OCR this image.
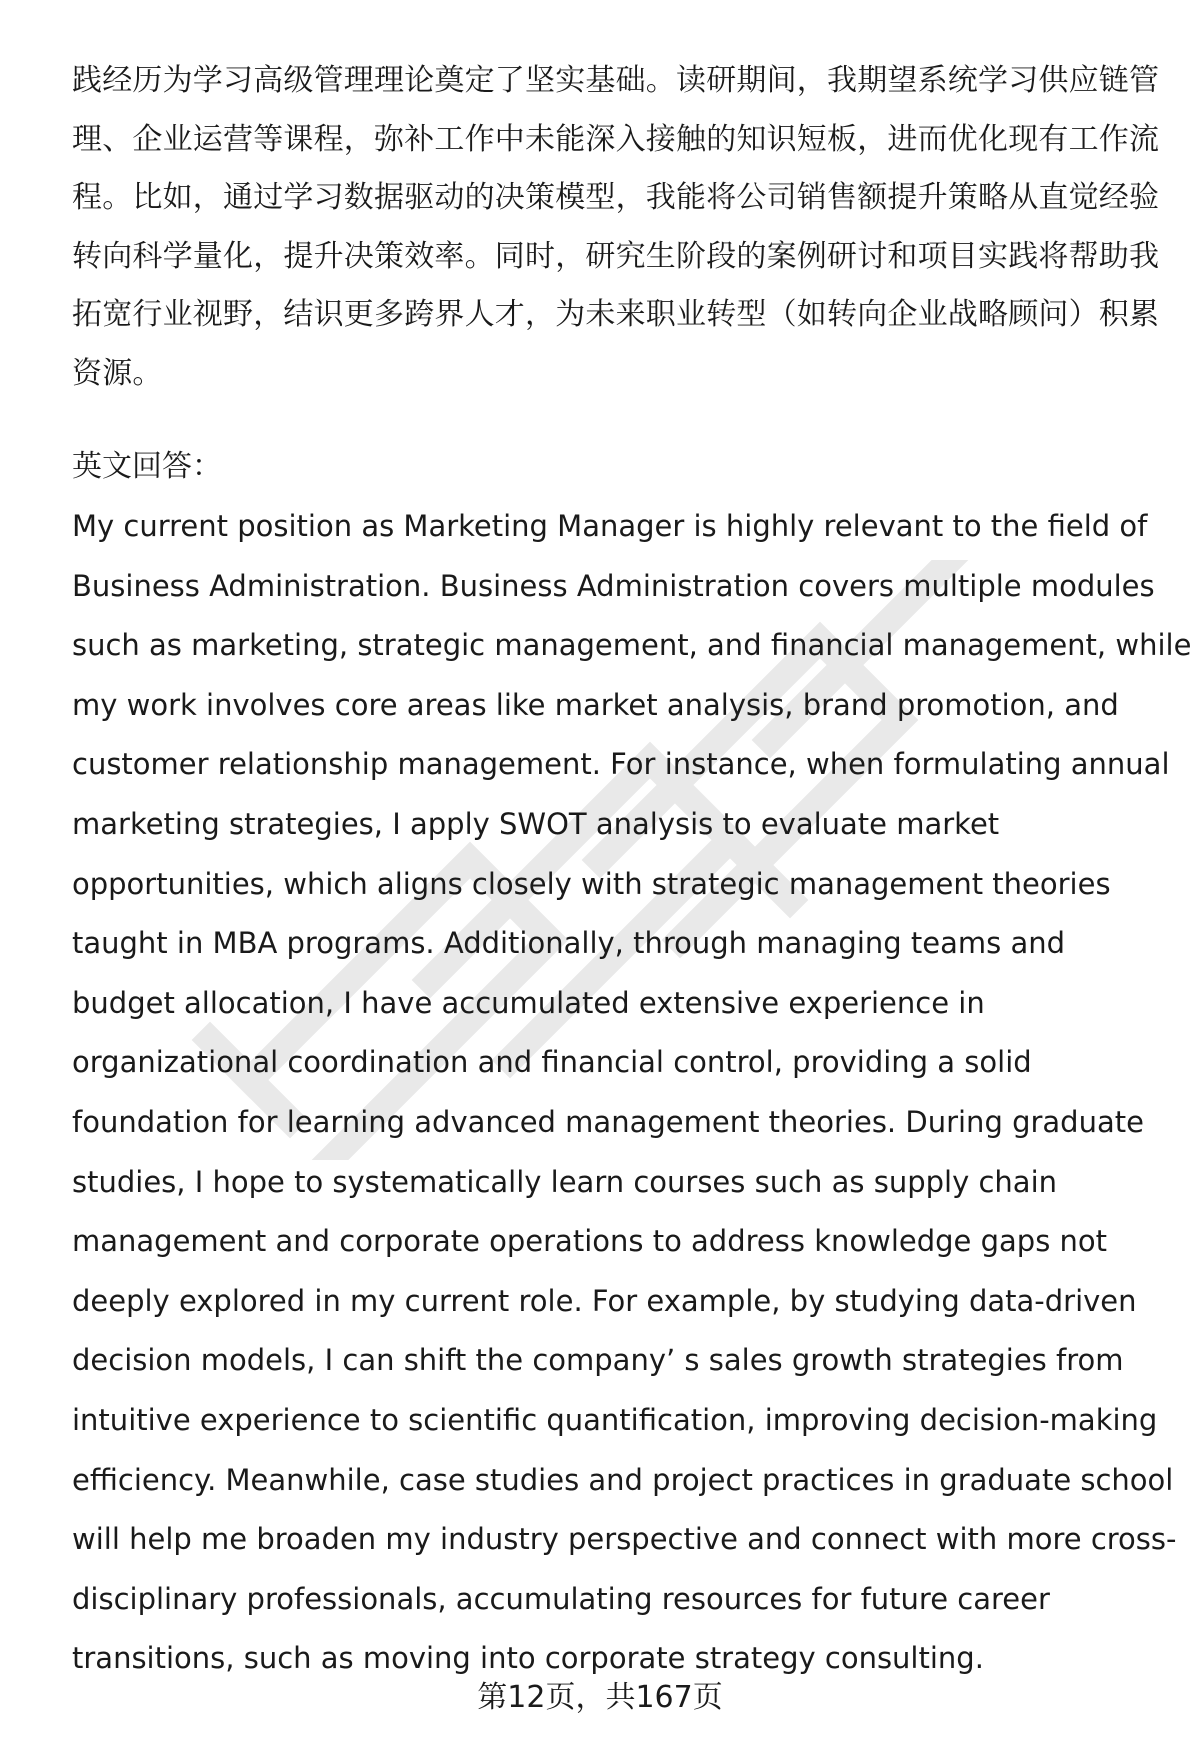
践经历为学习高级管理理论奠定了坚实基础。读研期间，我期望系统学习供应链管
理、企业运营等课程，弥补工作中未能深入接触的知识短板，进而优化现有工作流
程。比如，通过学习数据驱动的决策模型，我能将公司销售额提升策略从直觉经验
转向科学量化，提升决策效率。同时，研究生阶段的案例研讨和项目实践将帮助我
拓宽行业视野，结识更多跨界人才，为未来职业转型（如转向企业战略顾问）积累
资源。
英文回答：
My current position as Marketing Manager is highly relevant to the field of
Business Administration. Business Administration covers multiple modules
such as marketing, strategic management, and financial management, while
my work involves core areas like market analysis, brand promotion, and
customer relationship management. For instance, when formulating annual
marketing strategies, I apply SWOT analysis to evaluate market
opportunities, which aligns closely with strategic management theories
taught in MBA programs. Additionally, through managing teams and
budget allocation, I have accumulated extensive experience in
organizational coordination and financial control, providing a solid
foundation for learning advanced management theories. During graduate
studies, I hope to systematically learn courses such as supply chain
management and corporate operations to address knowledge gaps not
deeply explored in my current role. For example, by studying data-driven
decision models, I can shift the company’ s sales growth strategies from
intuitive experience to scientific quantification, improving decision-making
efficiency. Meanwhile, case studies and project practices in graduate school
will help me broaden my industry perspective and connect with more cross-
disciplinary professionals, accumulating resources for future career
transitions, such as moving into corporate strategy consulting.
第12页，共167页
